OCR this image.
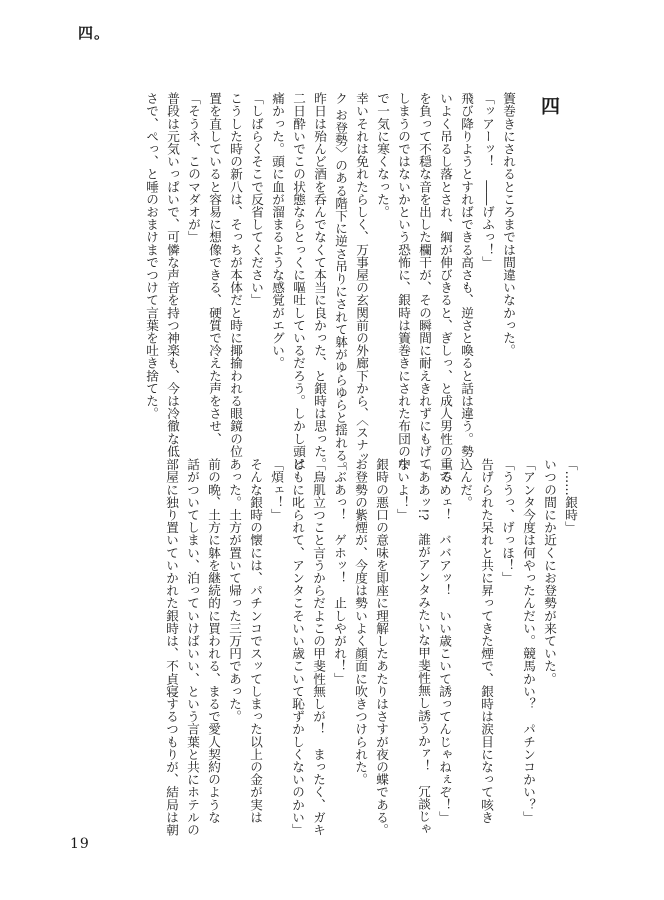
四。
四

簀巻きにされるところまでは間違いなかった。

「ッアーッ！　――げふっ！」

飛び降りようとすればできる高さも、逆さと喚ると話は違う。勢

いよく吊るし落とされ、綱が伸びきると、ぎしっ、と成人男性の重み

を負って不穏な音を出した欄干が、その瞬間に耐えきれずにもげて

しまうのではないかという恐怖に、銀時は簀巻きにされた布団の中

で一気に寒くなった。

幸いそれは免れたらしく、万事屋の玄関前の外廊下から、〈スナッ

ク お登勢〉のある階下に逆さ吊りにされて躰がゆらゆらと揺れる。

昨日は殆んど酒を呑んでなくて本当に良かった、と銀時は思った。

二日酔いでこの状態ならとっくに嘔吐しているだろう。しかし頭は

痛かった。頭に血が溜まるような感覚がエグい。

「しばらくそこで反省してください」

こうした時の新八は、そっちが本体だと時に揶揄われる眼鏡の位

置を直していると容易に想像できる、硬質で冷えた声をさせ、

「そうネ、このマダオが」

普段は元気いっぱいで、可憐な声音を持つ神楽も、今は冷徹な低

さで、ぺっ、と唾のおまけまでつけて言葉を吐き捨てた。

「……銀時」

いつの間にか近くにお登勢が来ていた。

「アンタ今度は何やったんだい。競馬かい？　パチンコかい？」

「ううっ、げっほ！」

告げられた呆れと共に昇ってきた煙で、銀時は涙目になって咳き

込んだ。

「てめェ！　ババアッ！　いい歳こいて誘ってんじゃねぇぞ！」

「ああッ!?　誰がアンタみたいな甲斐性無し誘うかァ！　冗談じゃ

ないよ！」

銀時の悪口の意味を即座に理解したあたりはさすが夜の蝶である。

お登勢の紫煙が、今度は勢いよく顔面に吹きつけられた。

「ぶあっ！　ゲホッ！　止しやがれ！」

「鳥肌立つこと言うからだよこの甲斐性無しが！　まったく、ガキ

どもに叱られて、アンタこそいい歳こいて恥ずかしくないのかい」

「煩ェ！」

そんな銀時の懐には、パチンコでスッてしまった以上の金が実は

あった。土方が置いて帰った三万円であった。

前の晩、土方に躰を継続的に買われる、まるで愛人契約のような

話がついてしまい、泊っていけばいい、という言葉と共にホテルの

部屋に独り置いていかれた銀時は、不貞寝するつもりが、結局は朝

19
